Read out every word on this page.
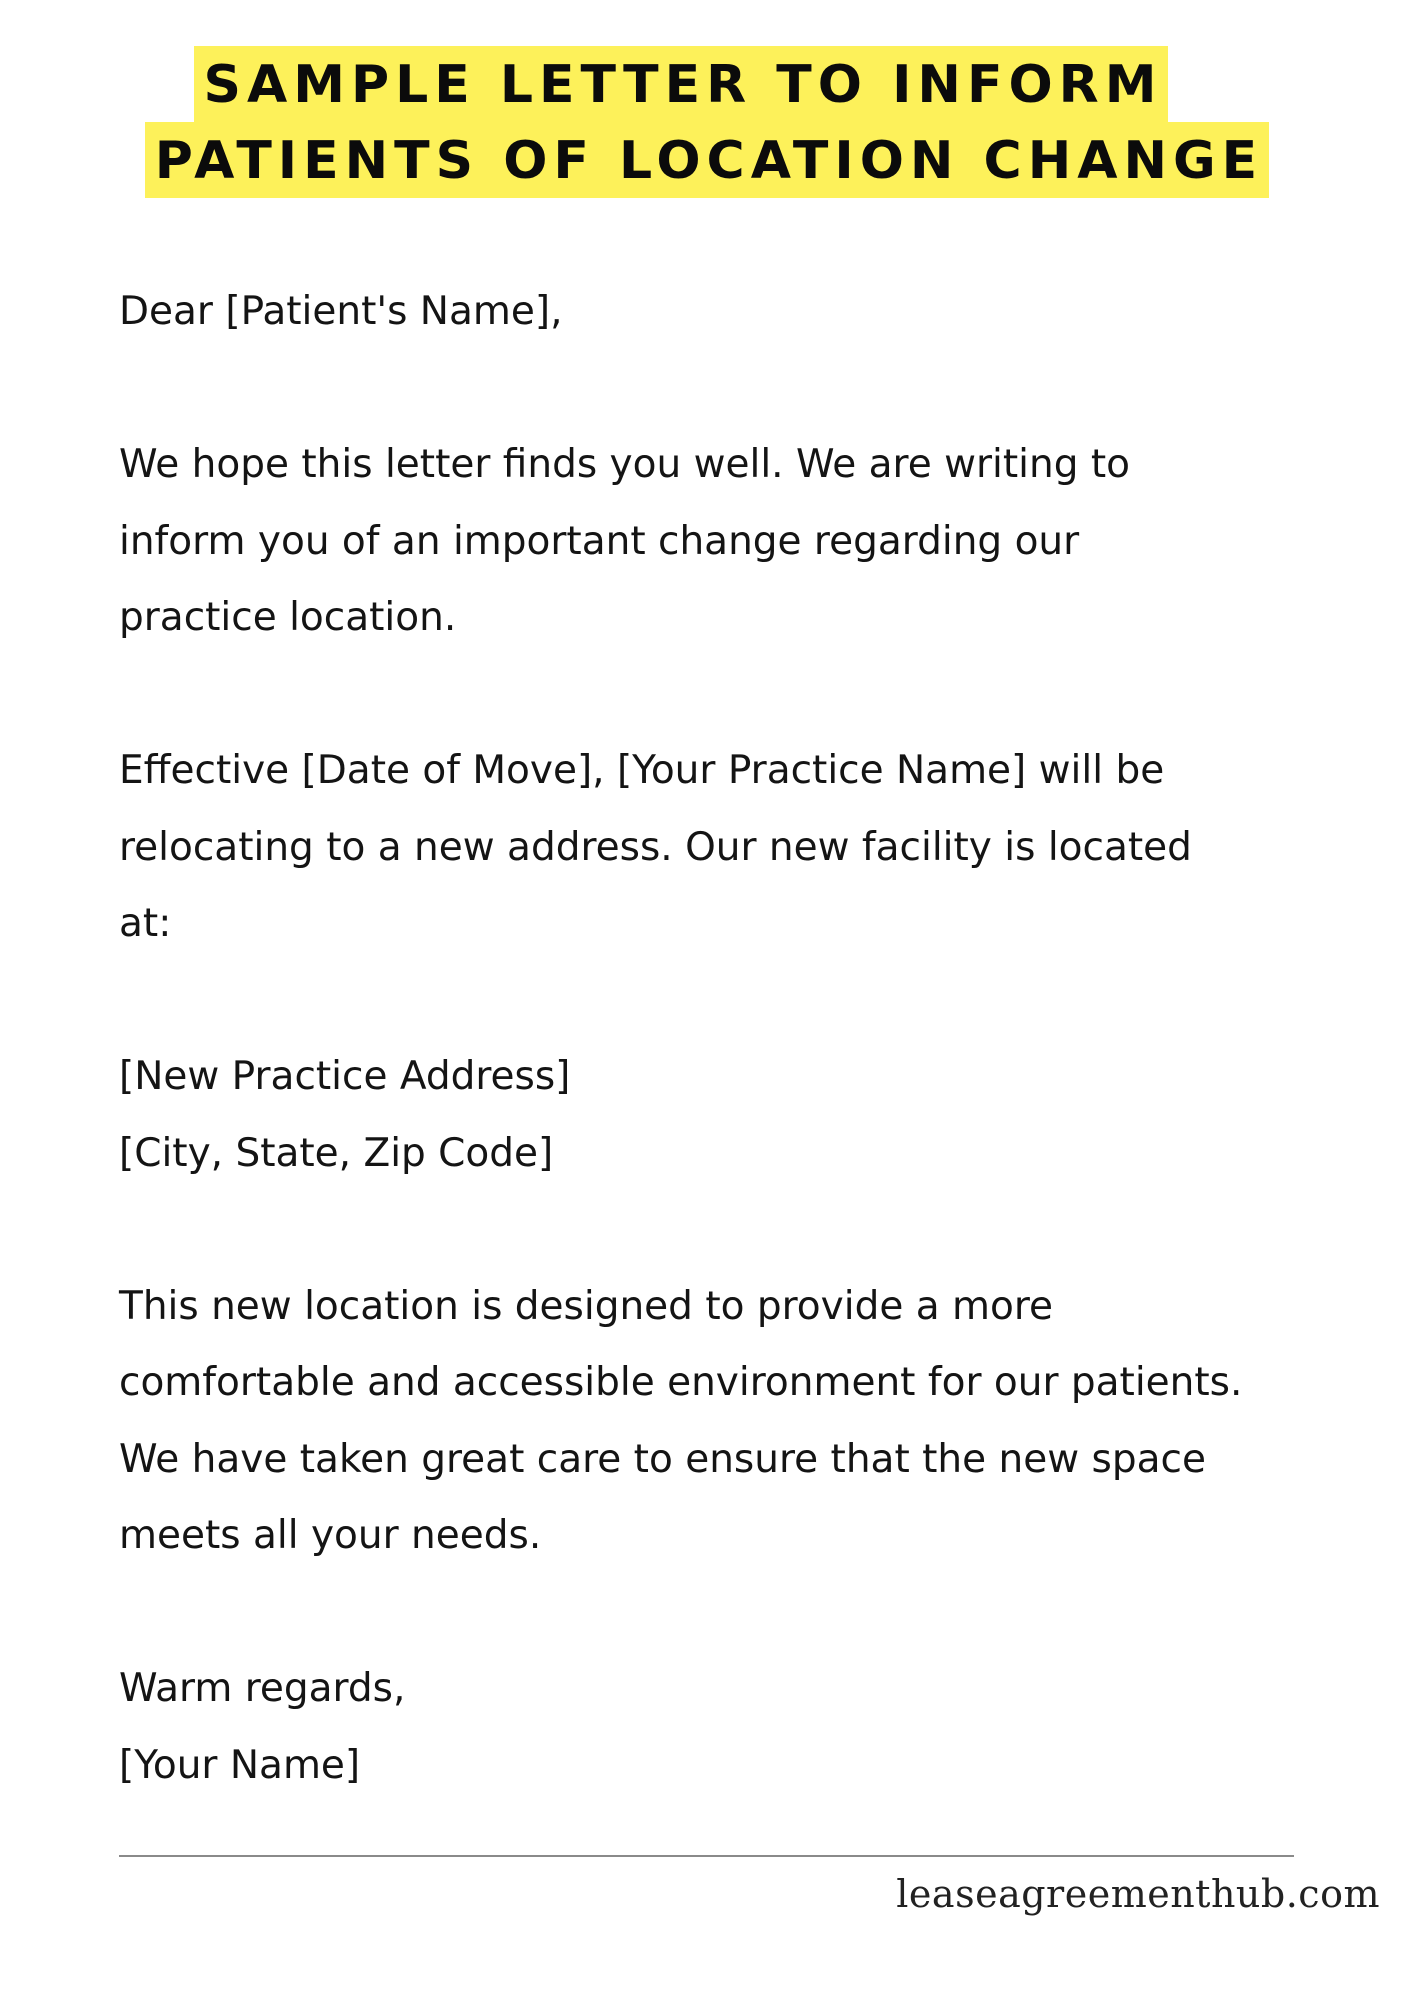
SAMPLE LETTER TO INFORM
PATIENTS OF LOCATION CHANGE

Dear [Patient's Name],

We hope this letter finds you well. We are writing to
inform you of an important change regarding our
practice location.

Effective [Date of Move], [Your Practice Name] will be
relocating to a new address. Our new facility is located
at:

[New Practice Address]

[City, State, Zip Code]

This new location is designed to provide a more
comfortable and accessible environment for our patients.
We have taken great care to ensure that the new space
meets all your needs.

Warm regards,

[Your Name]

leaseagreementhub.com
